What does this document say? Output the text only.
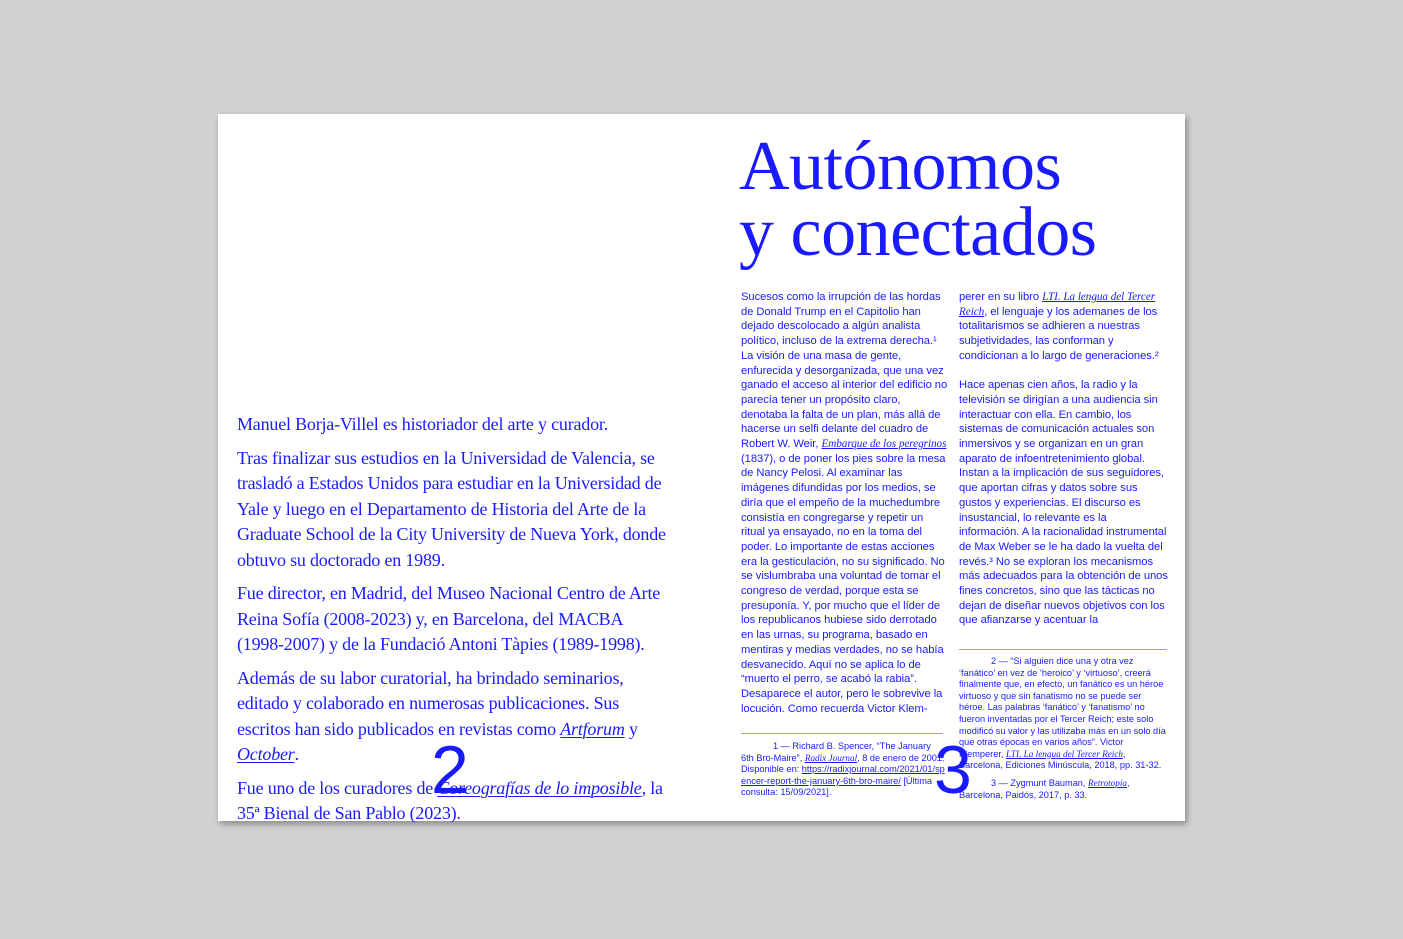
Manuel Borja-Villel es historiador del arte y curador.

Tras finalizar sus estudios en la Universidad de Valencia, se trasladó a Estados Unidos para estudiar en la Universidad de Yale y luego en el Departamento de Historia del Arte de la Graduate School de la City University de Nueva York, donde obtuvo su doctorado en 1989.

Fue director, en Madrid, del Museo Nacional Centro de Arte Reina Sofía (2008-2023) y, en Barcelona, del MACBA (1998-2007) y de la Fundació Antoni Tàpies (1989-1998).

Además de su labor curatorial, ha brindado seminarios, editado y colaborado en numerosas publicaciones. Sus escritos han sido publicados en revistas como Artforum y October.

Fue uno de los curadores de Coreografías de lo imposible, la 35ª Bienal de San Pablo (2023).

2
Autónomos
y conectados

Sucesos como la irrupción de las hordas de Donald Trump en el Capitolio han dejado descolocado a algún analista político, incluso de la extrema derecha.¹ La visión de una masa de gente, enfurecida y desorganizada, que una vez ganado el acceso al interior del edificio no parecía tener un propósito claro, denotaba la falta de un plan, más allá de hacerse un selfi delante del cuadro de Robert W. Weir, Embarque de los peregrinos (1837), o de poner los pies sobre la mesa de Nancy Pelosi. Al examinar las imágenes difundidas por los medios, se diría que el empeño de la muchedumbre consistía en congregarse y repetir un ritual ya ensayado, no en la toma del poder. Lo importante de estas acciones era la gesticulación, no su significado. No se vislumbraba una voluntad de tomar el congreso de verdad, porque esta se presuponía. Y, por mucho que el líder de los republicanos hubiese sido derrotado en las urnas, su programa, basado en mentiras y medias verdades, no se había desvanecido. Aquí no se aplica lo de “muerto el perro, se acabó la rabia”. Desaparece el autor, pero le sobrevive la locución. Como recuerda Victor Klem-

perer en su libro LTI. La lengua del Tercer Reich, el lenguaje y los ademanes de los totalitarismos se adhieren a nuestras subjetividades, las conforman y condicionan a lo largo de generaciones.²

Hace apenas cien años, la radio y la televisión se dirigían a una audiencia sin interactuar con ella. En cambio, los sistemas de comunicación actuales son inmersivos y se organizan en un gran aparato de infoentretenimiento global. Instan a la implicación de sus seguidores, que aportan cifras y datos sobre sus gustos y experiencias. El discurso es insustancial, lo relevante es la información. A la racionalidad instrumental de Max Weber se le ha dado la vuelta del revés.³ No se exploran los mecanismos más adecuados para la obtención de unos fines concretos, sino que las tácticas no dejan de diseñar nuevos objetivos con los que afianzarse y acentuar la

1 — Richard B. Spencer, “The January 6th Bro-Maire”, Radix Journal, 8 de enero de 2001. Disponible en: https://radixjournal.com/2021/01/spencer-report-the-january-6th-bro-maire/ [Última consulta: 15/09/2021].

2 — “Si alguien dice una y otra vez ‘fanático’ en vez de ‘heroico’ y ‘virtuoso’, creerá finalmente que, en efecto, un fanático es un héroe virtuoso y que sin fanatismo no se puede ser héroe. Las palabras ‘fanático’ y ‘fanatismo’ no fueron inventadas por el Tercer Reich; este solo modificó su valor y las utilizaba más en un solo día que otras épocas en varios años”. Victor Klemperer, LTI. La lengua del Tercer Reich, Barcelona, Ediciones Minúscula, 2018, pp. 31-32.

3 — Zygmunt Bauman, Retrotopía, Barcelona, Paidós, 2017, p. 33.

3
